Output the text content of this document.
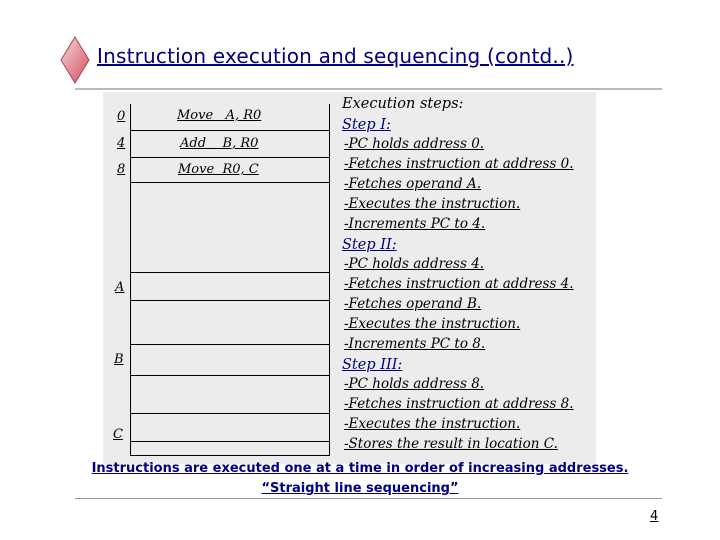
Instruction execution and sequencing (contd..)
0
4
8
A
B
C
Move   A, R0
Add    B, R0
Move  R0, C
Execution steps:
Step I:
-PC holds address 0.
-Fetches instruction at address 0.
-Fetches operand A.
-Executes the instruction.
-Increments PC to 4.
Step II:
-PC holds address 4.
-Fetches instruction at address 4.
-Fetches operand B.
-Executes the instruction.
-Increments PC to 8.
Step III:
-PC holds address 8.
-Fetches instruction at address 8.
-Executes the instruction.
-Stores the result in location C.
Instructions are executed one at a time in order of increasing addresses.
“Straight line sequencing”
4
